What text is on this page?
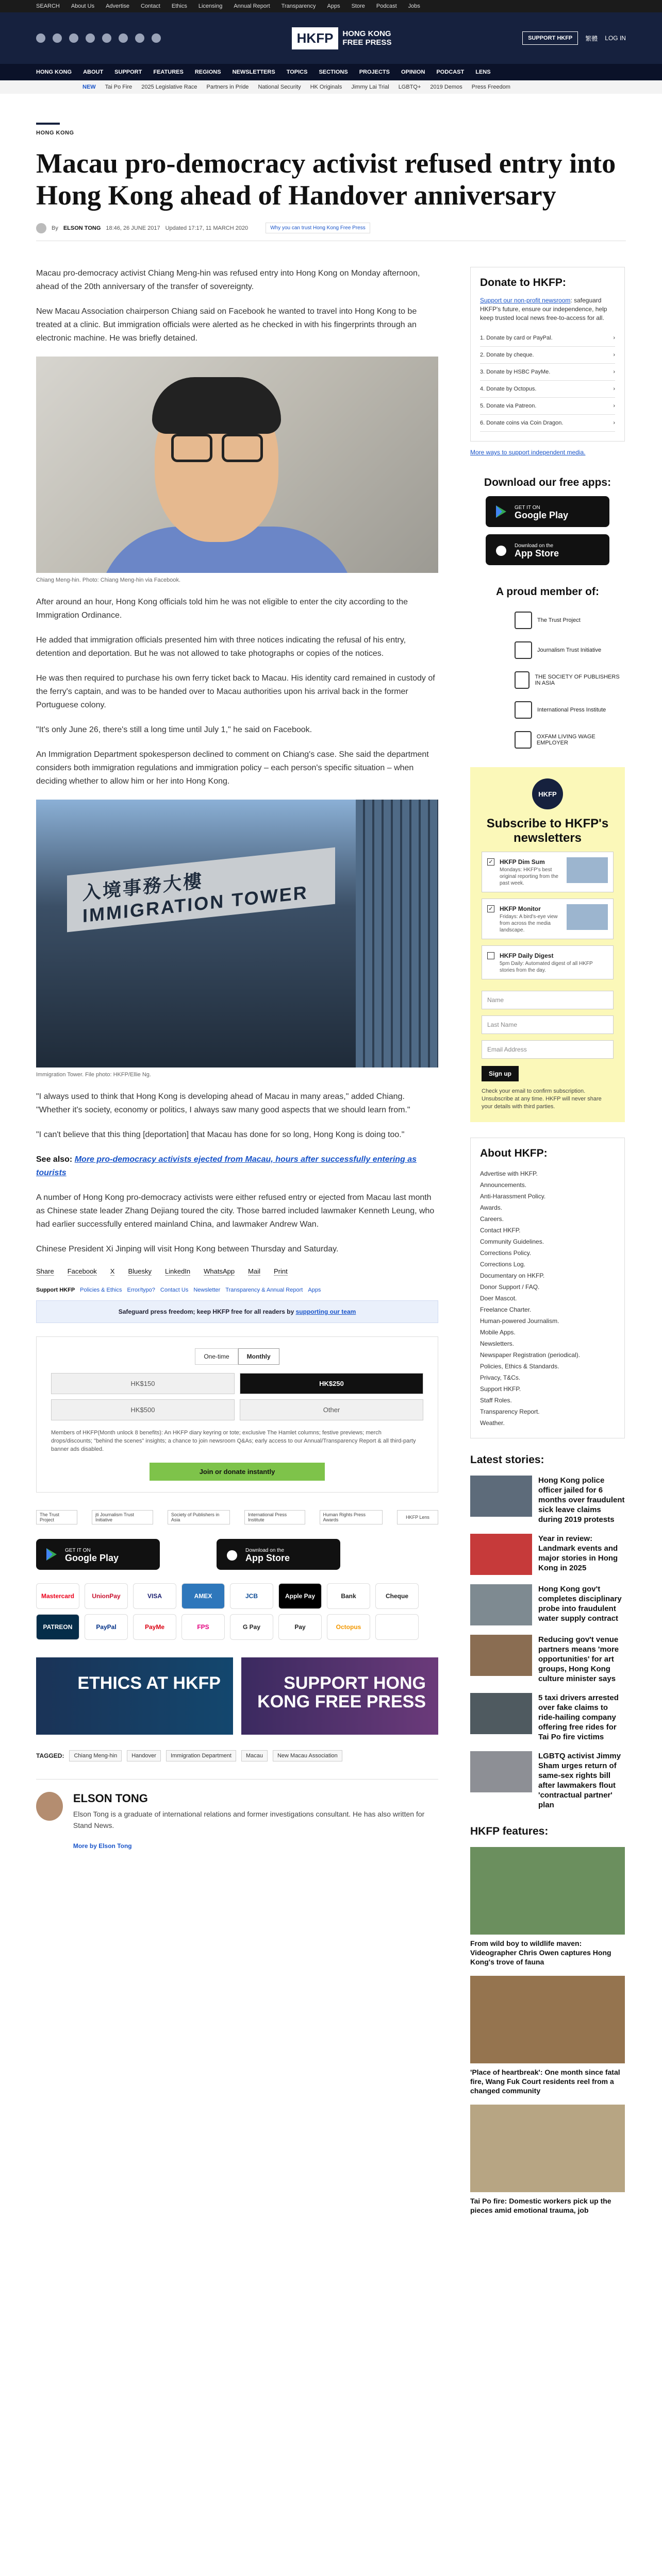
SEARCH About Us Advertise Contact Ethics Licensing Annual Report Transparency Apps Store Podcast Jobs
HKFP	HONG KONG
FREE PRESS	SUPPORT HKFP	繁體 LOG IN
HONG KONG ABOUT SUPPORT FEATURES REGIONS NEWSLETTERS TOPICS SECTIONS PROJECTS OPINION PODCAST LENS
NEW Tai Po Fire 2025 Legislative Race Partners in Pride National Security HK Originals Jimmy Lai Trial LGBTQ+ 2019 Demos Press Freedom
HONG KONG
Macau pro-democracy activist refused entry into Hong Kong ahead of Handover anniversary
By ELSON TONG 18:46, 26 JUNE 2017 Updated 17:17, 11 MARCH 2020	Why you can trust Hong Kong Free Press

Macau pro-democracy activist Chiang Meng-hin was refused entry into Hong Kong on Monday afternoon, ahead of the 20th anniversary of the transfer of sovereignty.

New Macau Association chairperson Chiang said on Facebook he wanted to travel into Hong Kong to be treated at a clinic. But immigration officials were alerted as he checked in with his fingerprints through an electronic machine. He was briefly detained.

Chiang Meng-hin. Photo: Chiang Meng-hin via Facebook.

After around an hour, Hong Kong officials told him he was not eligible to enter the city according to the Immigration Ordinance.

He added that immigration officials presented him with three notices indicating the refusal of his entry, detention and deportation. But he was not allowed to take photographs or copies of the notices.

He was then required to purchase his own ferry ticket back to Macau. His identity card remained in custody of the ferry's captain, and was to be handed over to Macau authorities upon his arrival back in the former Portuguese colony.

"It's only June 26, there's still a long time until July 1," he said on Facebook.

An Immigration Department spokesperson declined to comment on Chiang's case. She said the department considers both immigration regulations and immigration policy – each person's specific situation – when deciding whether to allow him or her into Hong Kong.

入境事務大樓 IMMIGRATION TOWER
Immigration Tower. File photo: HKFP/Ellie Ng.

"I always used to think that Hong Kong is developing ahead of Macau in many areas," added Chiang. "Whether it's society, economy or politics, I always saw many good aspects that we should learn from."

"I can't believe that this thing [deportation] that Macau has done for so long, Hong Kong is doing too."

See also: More pro-democracy activists ejected from Macau, hours after successfully entering as tourists

A number of Hong Kong pro-democracy activists were either refused entry or ejected from Macau last month as Chinese state leader Zhang Dejiang toured the city. Those barred included lawmaker Kenneth Leung, who had earlier successfully entered mainland China, and lawmaker Andrew Wan.

Chinese President Xi Jinping will visit Hong Kong between Thursday and Saturday.

Share Facebook X Bluesky LinkedIn WhatsApp Mail Print
Support HKFP Policies & Ethics Error/typo? Contact Us Newsletter Transparency & Annual Report Apps
Safeguard press freedom; keep HKFP free for all readers by supporting our team
One-time	Monthly
HK$150	HK$250
HK$500	Other
Members of HKFP(Month unlock 8 benefits): An HKFP diary keyring or tote; exclusive The Hamlet columns; festive previews; merch drops/discounts; "behind the scenes" insights; a chance to join newsroom Q&As; early access to our Annual/Transparency Report & all third-party banner ads disabled.
Join or donate instantly
The Trust Project
jti Journalism Trust Initiative
Society of Publishers in Asia
International Press Institute
Human Rights Press Awards	HKFP Lens
GET IT ON
Google Play
Download on the
App Store
Mastercard	UnionPay	VISA	AMEX	JCB	Apple Pay	Bank	Cheque
PATREON	PayPal	PayMe	FPS	G Pay	Pay	Octopus
ETHICS AT HKFP	SUPPORT HONG KONG FREE PRESS
TAGGED:	Chiang Meng-hin	Handover	Immigration Department	Macau	New Macau Association
ELSON TONG

Elson Tong is a graduate of international relations and former investigations consultant. He has also written for Stand News.

More by Elson Tong
Donate to HKFP:
Support our non-profit newsroom: safeguard HKFP's future, ensure our independence, help keep trusted local news free-to-access for all.
1. Donate by card or PayPal.	›
2. Donate by cheque.	›
3. Donate by HSBC PayMe.	›
4. Donate by Octopus.	›
5. Donate via Patreon.	›
6. Donate coins via Coin Dragon.	›
More ways to support independent media.
Download our free apps:
GET IT ON
Google Play
Download on the
App Store
A proud member of:
The Trust Project
Journalism Trust Initiative
THE SOCIETY OF PUBLISHERS IN ASIA
International Press Institute
OXFAM LIVING WAGE EMPLOYER
HKFP
Subscribe to HKFP's newsletters
✓ HKFP Dim Sum

Mondays: HKFP's best original reporting from the past week.

✓ HKFP Monitor

Fridays: A bird's-eye view from across the media landscape.

HKFP Daily Digest

5pm Daily: Automated digest of all HKFP stories from the day.

Name
Last Name
Email Address
Sign up
Check your email to confirm subscription. Unsubscribe at any time. HKFP will never share your details with third parties.
About HKFP:
Advertise with HKFP.
Announcements.
Anti-Harassment Policy.
Awards.
Careers.
Contact HKFP.
Community Guidelines.
Corrections Policy.
Corrections Log.
Documentary on HKFP.
Donor Support / FAQ.
Doer Mascot.
Freelance Charter.
Human-powered Journalism.
Mobile Apps.
Newsletters.
Newspaper Registration (periodical).
Policies, Ethics & Standards.
Privacy, T&Cs.
Support HKFP.
Staff Roles.
Transparency Report.
Weather.
Latest stories:
Hong Kong police officer jailed for 6 months over fraudulent sick leave claims during 2019 protests
Year in review: Landmark events and major stories in Hong Kong in 2025
Hong Kong gov't completes disciplinary probe into fraudulent water supply contract
Reducing gov't venue partners means 'more opportunities' for art groups, Hong Kong culture minister says
5 taxi drivers arrested over fake claims to ride-hailing company offering free rides for Tai Po fire victims
LGBTQ activist Jimmy Sham urges return of same-sex rights bill after lawmakers flout 'contractual partner' plan
HKFP features:
From wild boy to wildlife maven: Videographer Chris Owen captures Hong Kong's trove of fauna
'Place of heartbreak': One month since fatal fire, Wang Fuk Court residents reel from a changed community
Tai Po fire: Domestic workers pick up the pieces amid emotional trauma, job
